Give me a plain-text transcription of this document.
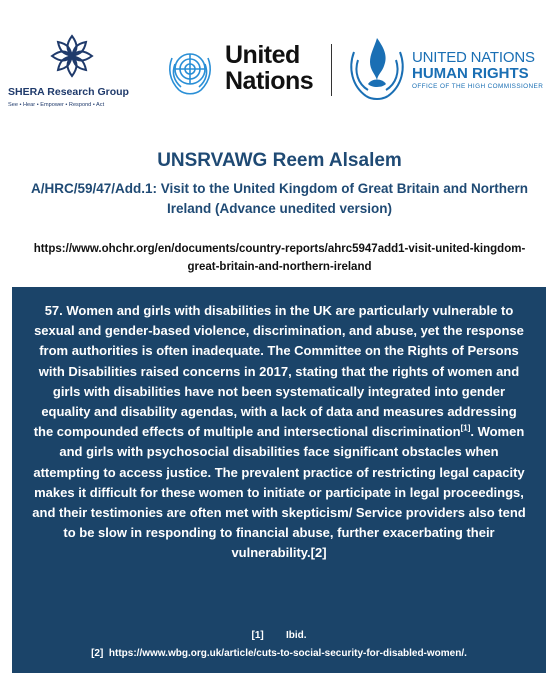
SHERA Research Group
See • Hear • Empower • Respond • Act
United
Nations
UNITED NATIONS
HUMAN RIGHTS
OFFICE OF THE HIGH COMMISSIONER
UNSRVAWG Reem Alsalem
A/HRC/59/47/Add.1: Visit to the United Kingdom of Great Britain and Northern Ireland (Advance unedited version)
https://www.ohchr.org/en/documents/country-reports/ahrc5947add1-visit-united-kingdom-great-britain-and-northern-ireland
57. Women and girls with disabilities in the UK are particularly vulnerable to sexual and gender-based violence, discrimination, and abuse, yet the response from authorities is often inadequate. The Committee on the Rights of Persons with Disabilities raised concerns in 2017, stating that the rights of women and girls with disabilities have not been systematically integrated into gender equality and disability agendas, with a lack of data and measures addressing the compounded effects of multiple and intersectional discrimination[1]. Women and girls with psychosocial disabilities face significant obstacles when attempting to access justice. The prevalent practice of restricting legal capacity makes it difficult for these women to initiate or participate in legal proceedings, and their testimonies are often met with skepticism/ Service providers also tend to be slow in responding to financial abuse, further exacerbating their vulnerability.[2]
[1] Ibid.
[2] https://www.wbg.org.uk/article/cuts-to-social-security-for-disabled-women/.
